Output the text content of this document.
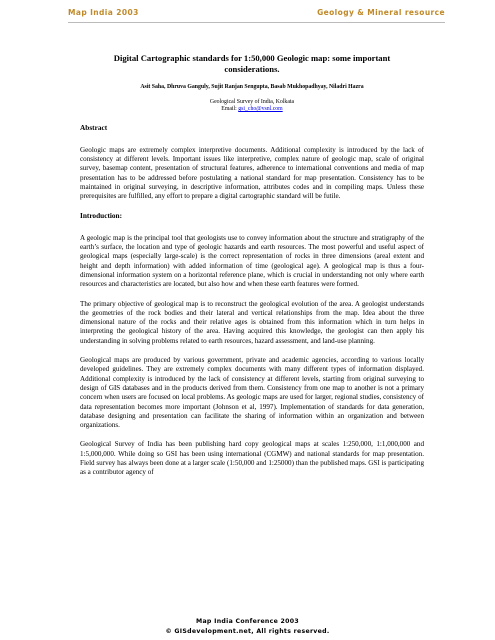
Map India 2003	Geology & Mineral resource
Digital Cartographic standards for 1:50,000 Geologic map: some important
considerations.
Asit Saha, Dhruva Ganguly, Sujit Ranjan Sengupta, Basab Mukhopadhyay, Niladri Hazra
Geological Survey of India, Kolkata
Email: gsi_cho@vsnl.com
Abstract

Geologic maps are extremely complex interpretive documents. Additional complexity is introduced by the lack of consistency at different levels. Important issues like interpretive, complex nature of geologic map, scale of original survey, basemap content, presentation of structural features, adherence to international conventions and media of map presentation has to be addressed before postulating a national standard for map presentation. Consistency has to be maintained in original surveying, in descriptive information, attributes codes and in compiling maps. Unless these prerequisites are fulfilled, any effort to prepare a digital cartographic standard will be futile.

Introduction:

A geologic map is the principal tool that geologists use to convey information about the structure and stratigraphy of the earth’s surface, the location and type of geologic hazards and earth resources. The most powerful and useful aspect of geological maps (especially large-scale) is the correct representation of rocks in three dimensions (areal extent and height and depth information) with added information of time (geological age). A geological map is thus a four-dimensional information system on a horizontal reference plane, which is crucial in understanding not only where earth resources and characteristics are located, but also how and when these earth features were formed.

The primary objective of geological map is to reconstruct the geological evolution of the area. A geologist understands the geometries of the rock bodies and their lateral and vertical relationships from the map. Idea about the three dimensional nature of the rocks and their relative ages is obtained from this information which in turn helps in interpreting the geological history of the area. Having acquired this knowledge, the geologist can then apply his understanding in solving problems related to earth resources, hazard assessment, and land-use planning.

Geological maps are produced by various government, private and academic agencies, according to various locally developed guidelines. They are extremely complex documents with many different types of information displayed. Additional complexity is introduced by the lack of consistency at different levels, starting from original surveying to design of GIS databases and in the products derived from them. Consistency from one map to another is not a primary concern when users are focused on local problems. As geologic maps are used for larger, regional studies, consistency of data representation becomes more important (Johnson et al, 1997). Implementation of standards for data generation, database designing and presentation can facilitate the sharing of information within an organization and between organizations.

Geological Survey of India has been publishing hard copy geological maps at scales 1:250,000, 1:1,000,000 and 1:5,000,000. While doing so GSI has been using international (CGMW) and national standards for map presentation. Field survey has always been done at a larger scale (1:50,000 and 1:25000) than the published maps. GSI is participating as a contributor agency of

Map India Conference 2003
© GISdevelopment.net, All rights reserved.
